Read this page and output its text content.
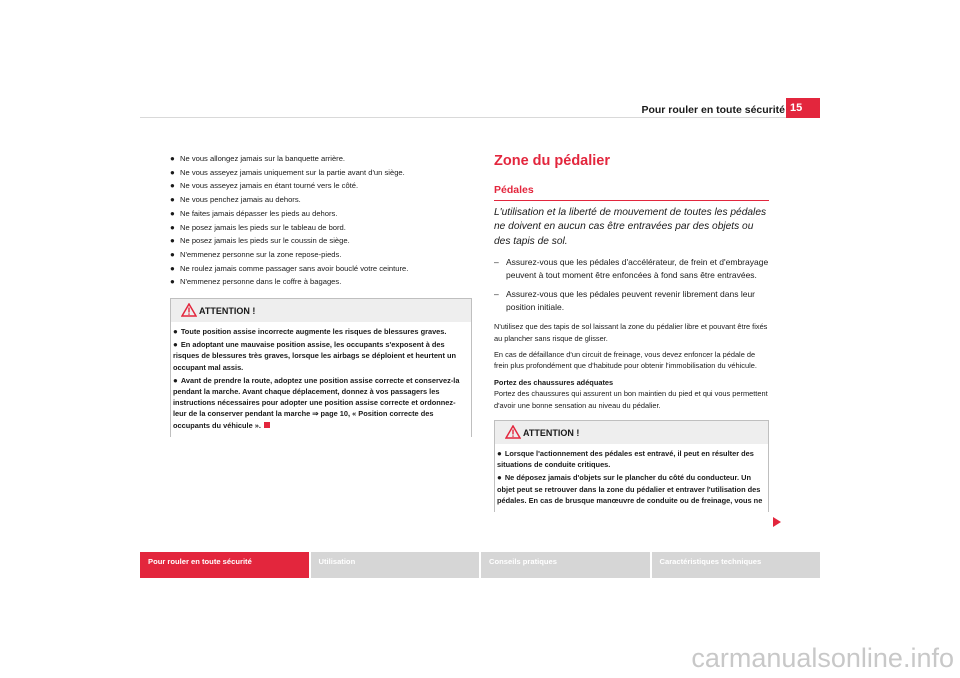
Pour rouler en toute sécurité 15
● Ne vous allongez jamais sur la banquette arrière.
● Ne vous asseyez jamais uniquement sur la partie avant d'un siège.
● Ne vous asseyez jamais en étant tourné vers le côté.
● Ne vous penchez jamais au dehors.
● Ne faites jamais dépasser les pieds au dehors.
● Ne posez jamais les pieds sur le tableau de bord.
● Ne posez jamais les pieds sur le coussin de siège.
● N'emmenez personne sur la zone repose-pieds.
● Ne roulez jamais comme passager sans avoir bouclé votre ceinture.
● N'emmenez personne dans le coffre à bagages.
ATTENTION !

● Toute position assise incorrecte augmente les risques de blessures graves.

● En adoptant une mauvaise position assise, les occupants s'exposent à des risques de blessures très graves, lorsque les airbags se déploient et heurtent un occupant mal assis.

● Avant de prendre la route, adoptez une position assise correcte et conservez-la pendant la marche. Avant chaque déplacement, donnez à vos passagers les instructions nécessaires pour adopter une position assise correcte et ordonnez-leur de la conserver pendant la marche ⇒ page 10, « Position correcte des occupants du véhicule ».

Zone du pédalier
Pédales

L'utilisation et la liberté de mouvement de toutes les pédales ne doivent en aucun cas être entravées par des objets ou des tapis de sol.

– Assurez-vous que les pédales d'accélérateur, de frein et d'embrayage peuvent à tout moment être enfoncées à fond sans être entravées.
– Assurez-vous que les pédales peuvent revenir librement dans leur position initiale.

N'utilisez que des tapis de sol laissant la zone du pédalier libre et pouvant être fixés au plancher sans risque de glisser.

En cas de défaillance d'un circuit de freinage, vous devez enfoncer la pédale de frein plus profondément que d'habitude pour obtenir l'immobilisation du véhicule.

Portez des chaussures adéquates

Portez des chaussures qui assurent un bon maintien du pied et qui vous permettent d'avoir une bonne sensation au niveau du pédalier.

ATTENTION !

● Lorsque l'actionnement des pédales est entravé, il peut en résulter des situations de conduite critiques.

● Ne déposez jamais d'objets sur le plancher du côté du conducteur. Un objet peut se retrouver dans la zone du pédalier et entraver l'utilisation des pédales. En cas de brusque manœuvre de conduite ou de freinage, vous ne

Pour rouler en toute sécurité	Utilisation	Conseils pratiques	Caractéristiques techniques
carmanualsonline.info
